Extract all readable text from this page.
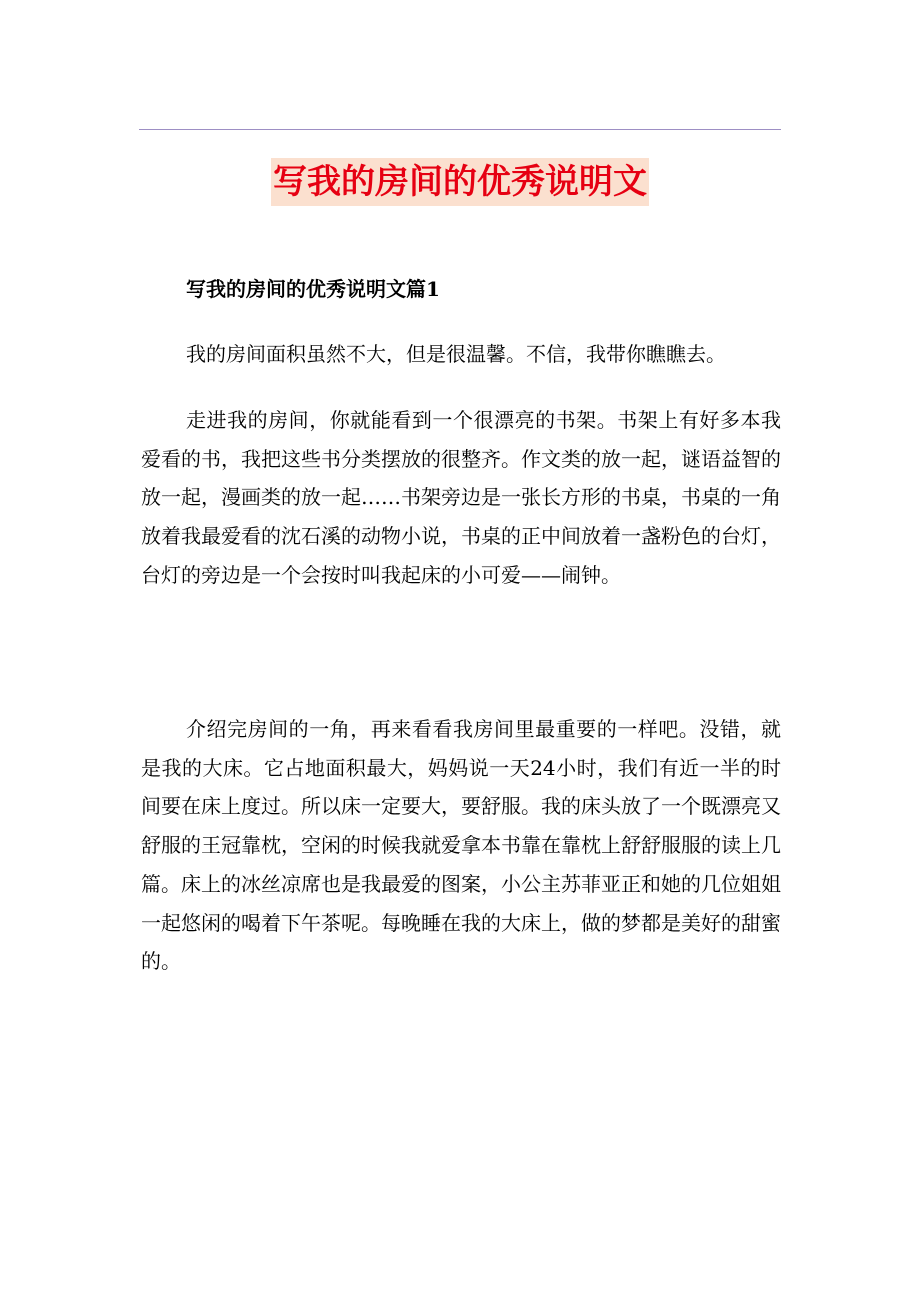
写我的房间的优秀说明文
写我的房间的优秀说明文篇1

我的房间面积虽然不大，但是很温馨。不信，我带你瞧瞧去。

走进我的房间，你就能看到一个很漂亮的书架。书架上有好多本我爱看的书，我把这些书分类摆放的很整齐。作文类的放一起，谜语益智的放一起，漫画类的放一起……书架旁边是一张长方形的书桌，书桌的一角放着我最爱看的沈石溪的动物小说，书桌的正中间放着一盏粉色的台灯，台灯的旁边是一个会按时叫我起床的小可爱——闹钟。

介绍完房间的一角，再来看看我房间里最重要的一样吧。没错，就是我的大床。它占地面积最大，妈妈说一天24小时，我们有近一半的时间要在床上度过。所以床一定要大，要舒服。我的床头放了一个既漂亮又舒服的王冠靠枕，空闲的时候我就爱拿本书靠在靠枕上舒舒服服的读上几篇。床上的冰丝凉席也是我最爱的图案，小公主苏菲亚正和她的几位姐姐一起悠闲的喝着下午茶呢。每晚睡在我的大床上，做的梦都是美好的甜蜜的。
